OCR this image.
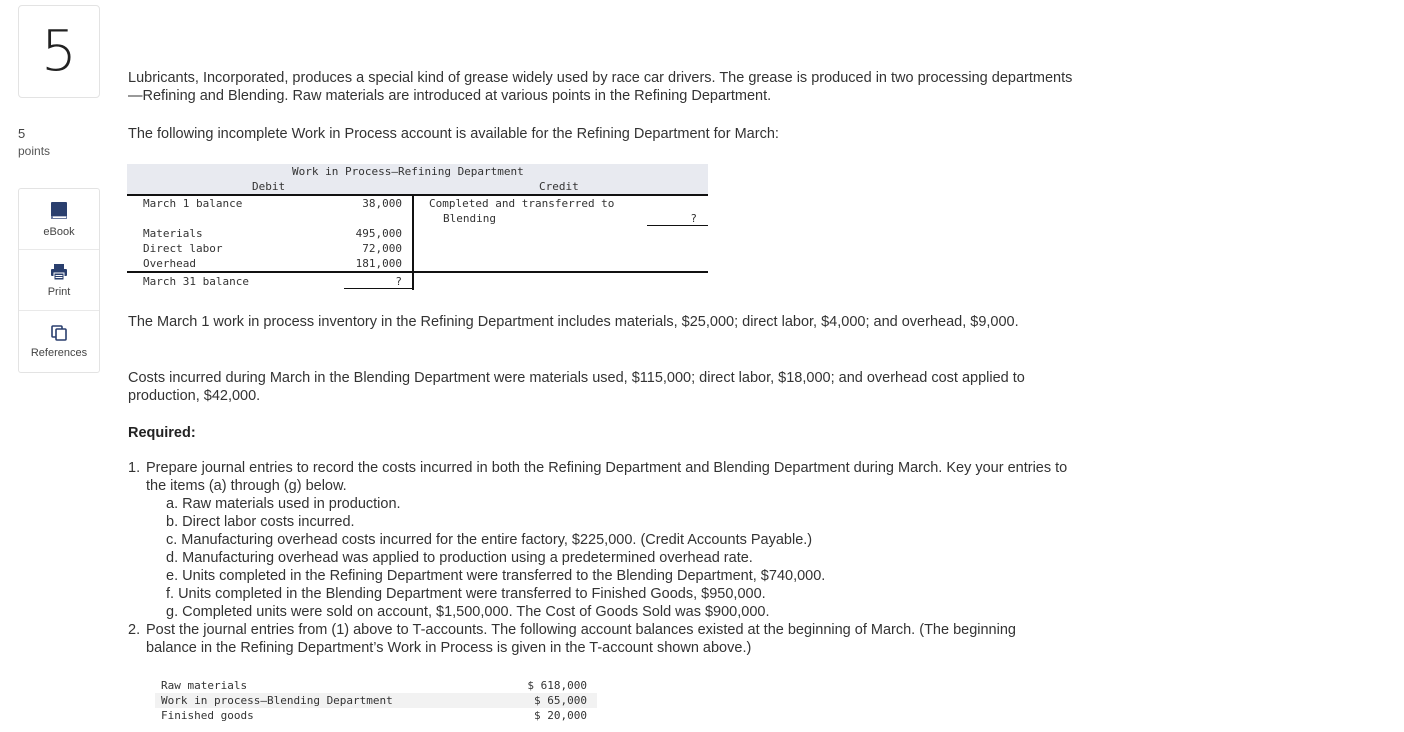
5
5
points
eBook
Print
References
Lubricants, Incorporated, produces a special kind of grease widely used by race car drivers. The grease is produced in two processing departments—Refining and Blending. Raw materials are introduced at various points in the Refining Department.
The following incomplete Work in Process account is available for the Refining Department for March:
Work in Process—Refining Department
Debit	Credit
March 1 balance	38,000
Materials	495,000
Direct labor	72,000
Overhead	181,000
March 31 balance	?
Completed and transferred to
Blending	?
The March 1 work in process inventory in the Refining Department includes materials, $25,000; direct labor, $4,000; and overhead, $9,000.
Costs incurred during March in the Blending Department were materials used, $115,000; direct labor, $18,000; and overhead cost applied to production, $42,000.
Required:
1. Prepare journal entries to record the costs incurred in both the Refining Department and Blending Department during March. Key your entries to the items (a) through (g) below.
a. Raw materials used in production.
b. Direct labor costs incurred.
c. Manufacturing overhead costs incurred for the entire factory, $225,000. (Credit Accounts Payable.)
d. Manufacturing overhead was applied to production using a predetermined overhead rate.
e. Units completed in the Refining Department were transferred to the Blending Department, $740,000.
f. Units completed in the Blending Department were transferred to Finished Goods, $950,000.
g. Completed units were sold on account, $1,500,000. The Cost of Goods Sold was $900,000.
2. Post the journal entries from (1) above to T-accounts. The following account balances existed at the beginning of March. (The beginning balance in the Refining Department’s Work in Process is given in the T-account shown above.)
Raw materials	$ 618,000
Work in process—Blending Department	$ 65,000
Finished goods	$ 20,000
